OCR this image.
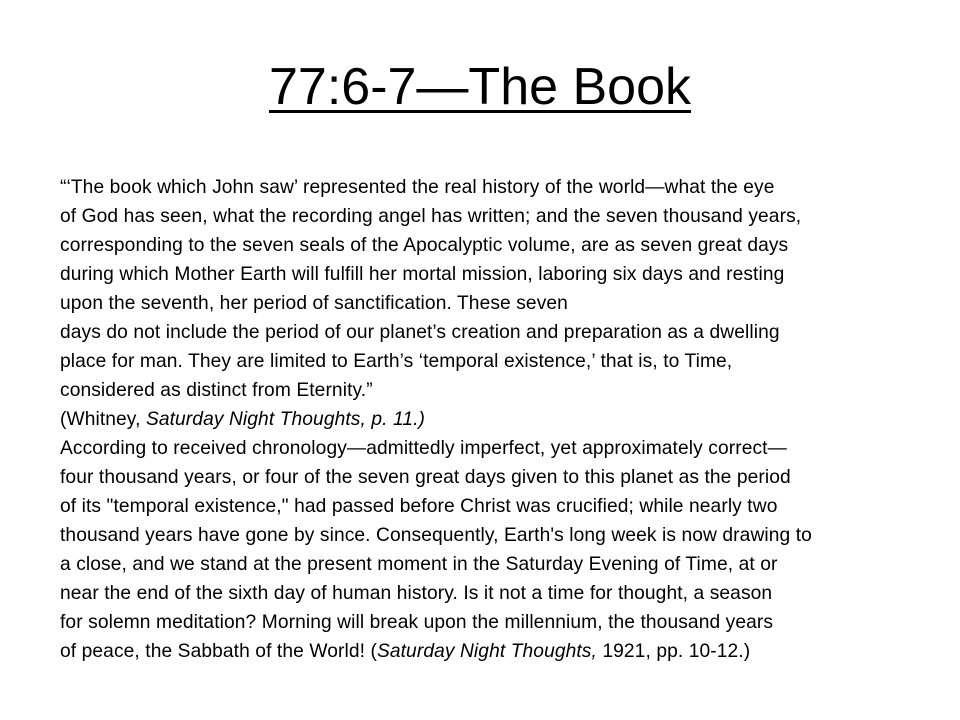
77:6-7—The Book
“‘The book which John saw’ represented the real history of the world—what the eye
of God has seen, what the recording angel has written; and the seven thousand years,
corresponding to the seven seals of the Apocalyptic volume, are as seven great days
during which Mother Earth will fulfill her mortal mission, laboring six days and resting
upon the seventh, her period of sanctification. These seven
days do not include the period of our planet’s creation and preparation as a dwelling
place for man. They are limited to Earth’s ‘temporal existence,’ that is, to Time,
considered as distinct from Eternity.”
(Whitney, Saturday Night Thoughts, p. 11.)
According to received chronology—admittedly imperfect, yet approximately correct—
four thousand years, or four of the seven great days given to this planet as the period
of its "temporal existence," had passed before Christ was crucified; while nearly two
thousand years have gone by since. Consequently, Earth's long week is now drawing to
a close, and we stand at the present moment in the Saturday Evening of Time, at or
near the end of the sixth day of human history. Is it not a time for thought, a season
for solemn meditation? Morning will break upon the millennium, the thousand years
of peace, the Sabbath of the World! (Saturday Night Thoughts, 1921, pp. 10-12.)
